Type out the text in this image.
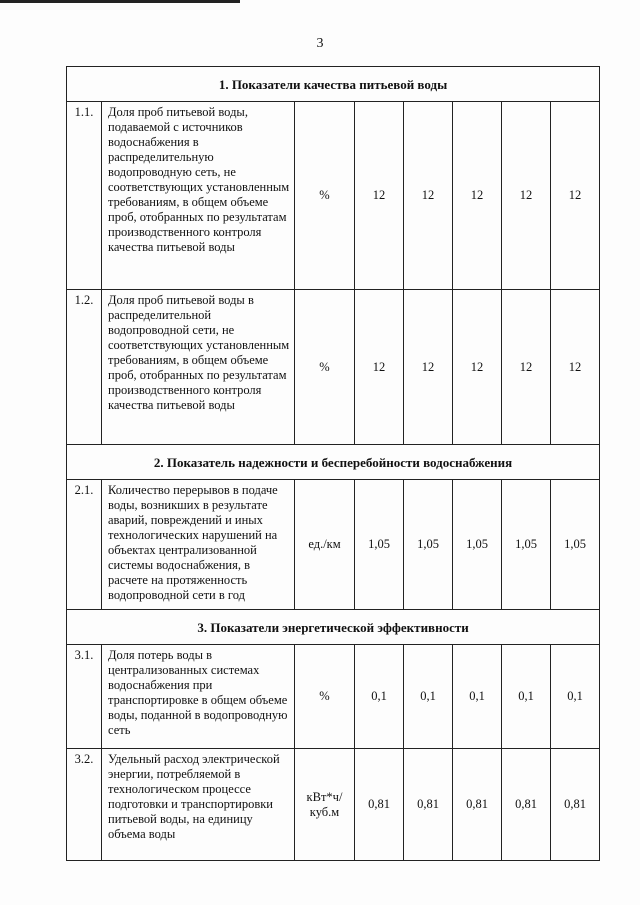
3
1. Показатели качества питьевой воды							
1.1.	Доля проб питьевой воды, подаваемой с источников водоснабжения в распределительную водопроводную сеть, не соответствующих установленным требованиям, в общем объеме проб, отобранных по результатам производственного контроля качества питьевой воды	%	12	12	12	12	12
1.2.	Доля проб питьевой воды в распределительной водопроводной сети, не соответствующих установленным требованиям, в общем объеме проб, отобранных по результатам производственного контроля качества питьевой воды	%	12	12	12	12	12
2. Показатель надежности и бесперебойности водоснабжения							
2.1.	Количество перерывов в подаче воды, возникших в результате аварий, повреждений и иных технологических нарушений на объектах централизованной системы водоснабжения, в расчете на протяженность водопроводной сети в год	ед./км	1,05	1,05	1,05	1,05	1,05
3. Показатели энергетической эффективности							
3.1.	Доля потерь воды в централизованных системах водоснабжения при транспортировке в общем объеме воды, поданной в водопроводную сеть	%	0,1	0,1	0,1	0,1	0,1
3.2.	Удельный расход электрической энергии, потребляемой в технологическом процессе подготовки и транспортировки питьевой воды, на единицу объема воды	кВт*ч/ куб.м	0,81	0,81	0,81	0,81	0,81
